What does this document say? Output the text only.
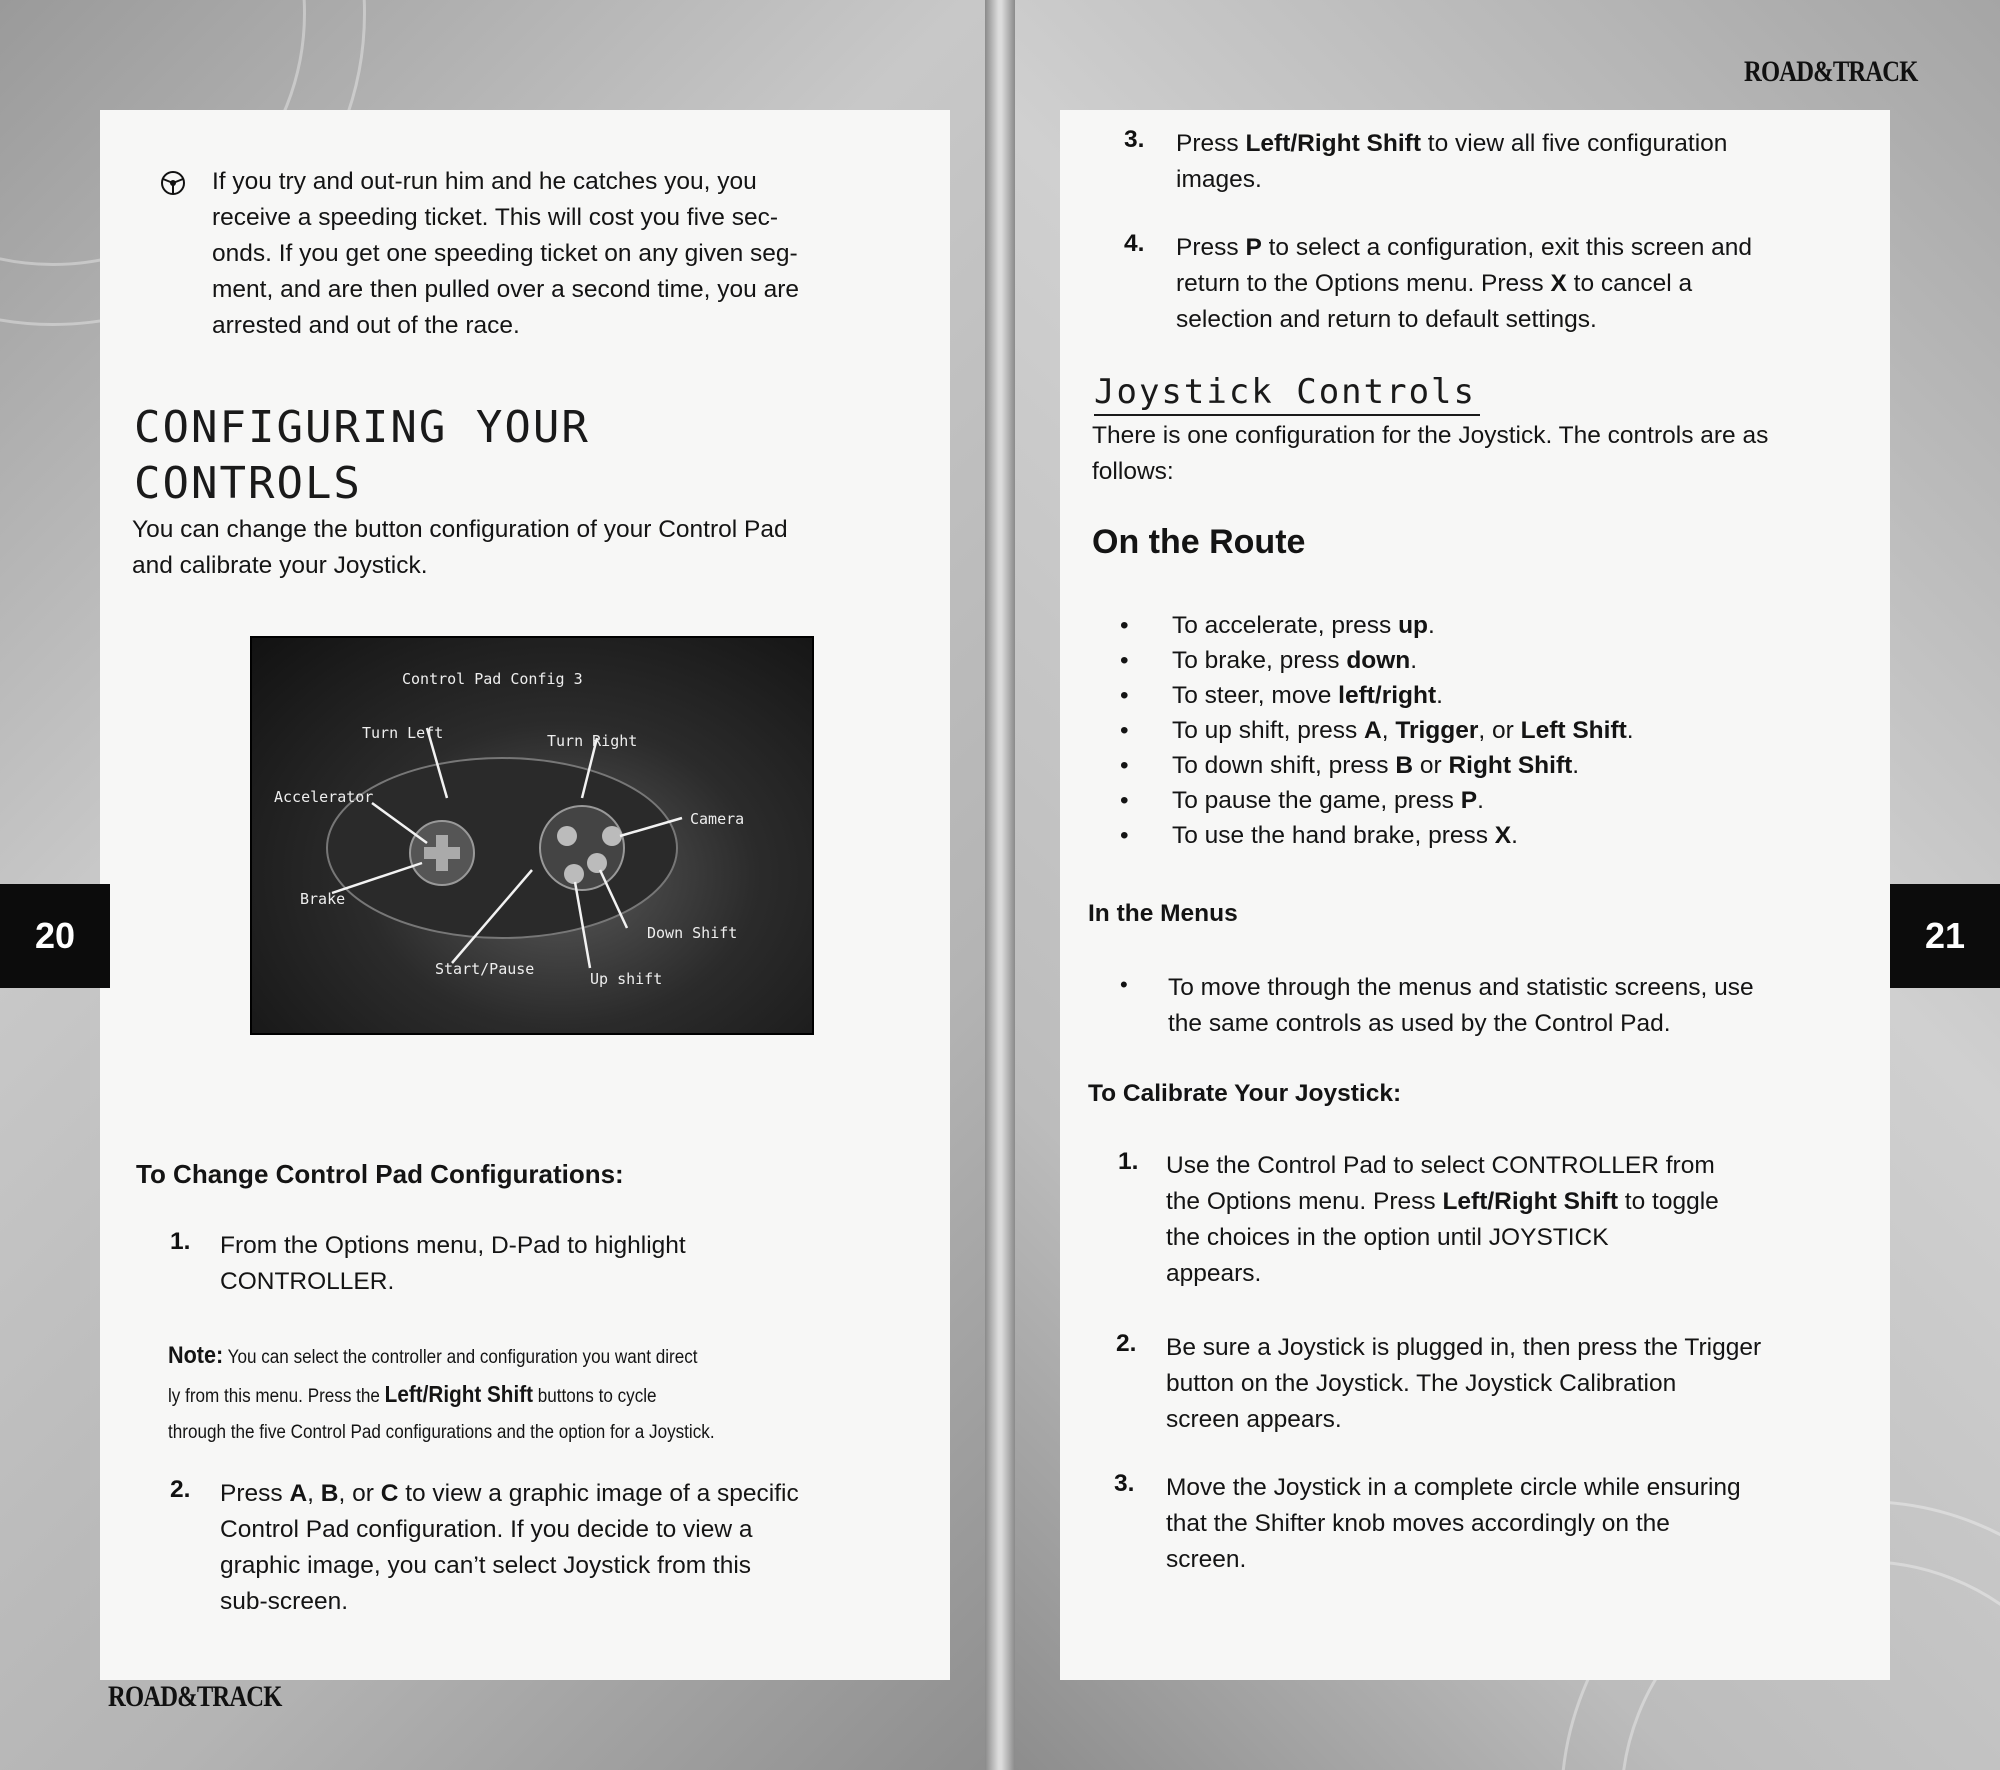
20
ROAD&TRACK
21
ROAD&TRACK
If you try and out-run him and he catches you, you
receive a speeding ticket. This will cost you five sec-
onds. If you get one speeding ticket on any given seg-
ment, and are then pulled over a second time, you are
arrested and out of the race.
CONFIGURING YOUR
CONTROLS
You can change the button configuration of your Control Pad
and calibrate your Joystick.
Control Pad Config 3
Turn Left	Turn Right
Accelerator
Camera
Brake
Down Shift
Start/Pause
Up shift
To Change Control Pad Configurations:
1. From the Options menu, D-Pad to highlight
CONTROLLER.
Note: You can select the controller and configuration you want direct
ly from this menu. Press the Left/Right Shift buttons to cycle
through the five Control Pad configurations and the option for a Joystick.
2. Press A, B, or C to view a graphic image of a specific
Control Pad configuration. If you decide to view a
graphic image, you can’t select Joystick from this
sub-screen.
3. Press Left/Right Shift to view all five configuration
images.
4. Press P to select a configuration, exit this screen and
return to the Options menu. Press X to cancel a
selection and return to default settings.
Joystick Controls
There is one configuration for the Joystick. The controls are as
follows:
On the Route
• To accelerate, press up.
• To brake, press down.
• To steer, move left/right.
• To up shift, press A, Trigger, or Left Shift.
• To down shift, press B or Right Shift.
• To pause the game, press P.
• To use the hand brake, press X.
In the Menus
• To move through the menus and statistic screens, use
the same controls as used by the Control Pad.
To Calibrate Your Joystick:
1. Use the Control Pad to select CONTROLLER from
the Options menu. Press Left/Right Shift to toggle
the choices in the option until JOYSTICK
appears.
2. Be sure a Joystick is plugged in, then press the Trigger
button on the Joystick. The Joystick Calibration
screen appears.
3. Move the Joystick in a complete circle while ensuring
that the Shifter knob moves accordingly on the
screen.
